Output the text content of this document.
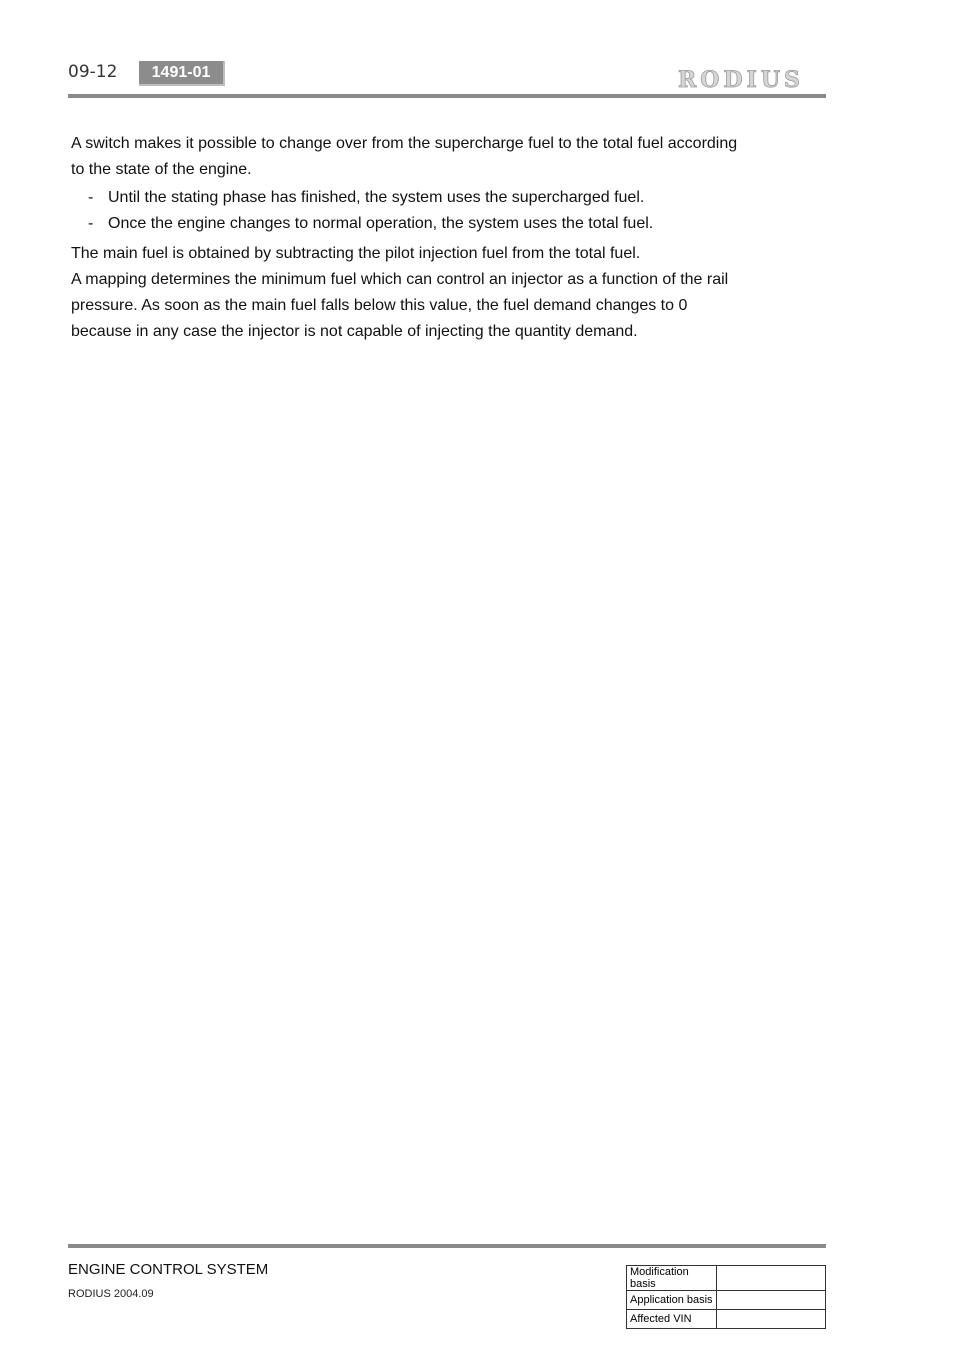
09-12	1491-01	RODIUS

A switch makes it possible to change over from the supercharge fuel to the total fuel according

to the state of the engine.

- Until the stating phase has finished, the system uses the supercharged fuel.
- Once the engine changes to normal operation, the system uses the total fuel.

The main fuel is obtained by subtracting the pilot injection fuel from the total fuel.

A mapping determines the minimum fuel which can control an injector as a function of the rail

pressure. As soon as the main fuel falls below this value, the fuel demand changes to 0

because in any case the injector is not capable of injecting the quantity demand.

ENGINE CONTROL SYSTEM
RODIUS 2004.09
Modification basis	
Application basis	
Affected VIN	
